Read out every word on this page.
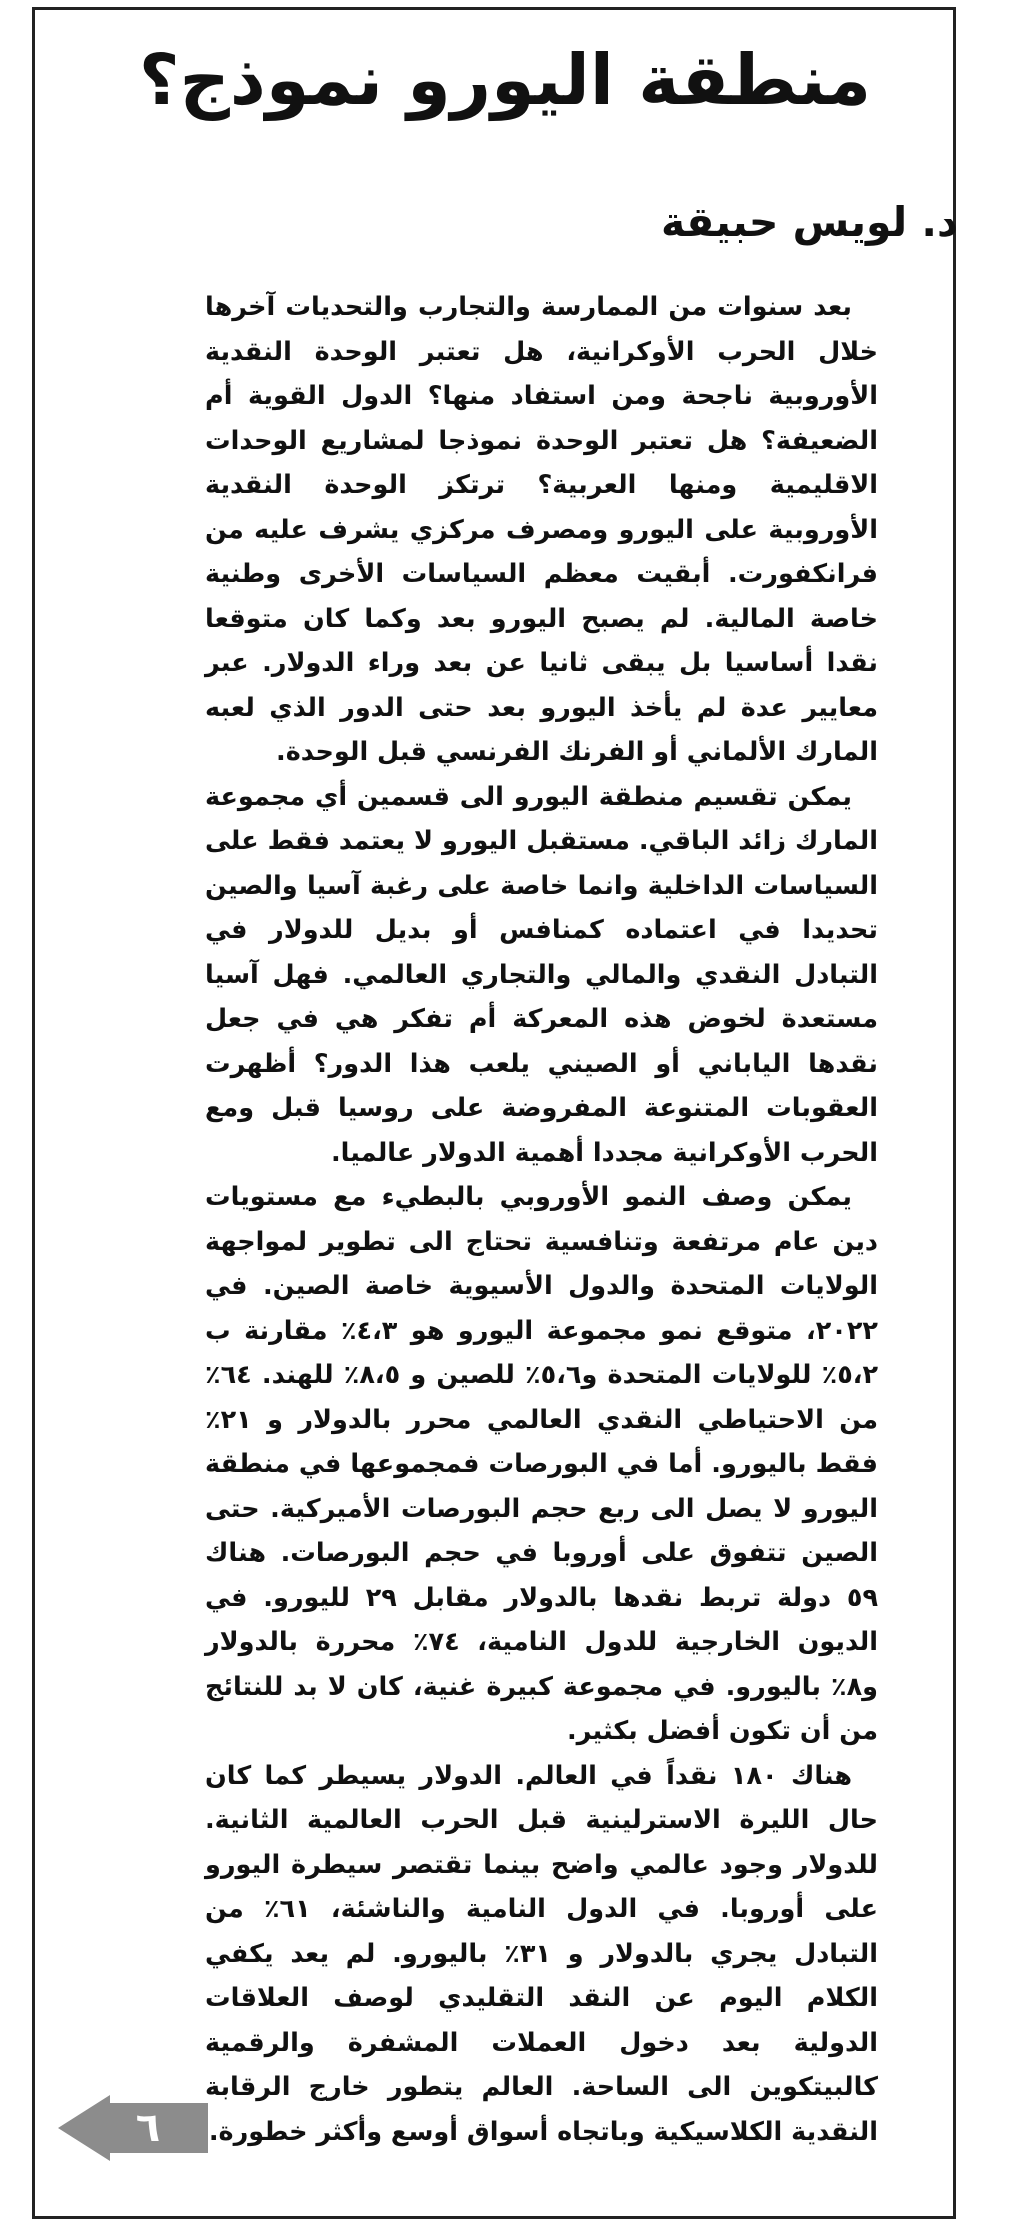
منطقة اليورو نموذج؟
د. لويس حبيقة

بعد سنوات من الممارسة والتجارب والتحديات آخرها خلال الحرب الأوكرانية، هل تعتبر الوحدة النقدية الأوروبية ناجحة ومن استفاد منها؟ الدول القوية أم الضعيفة؟ هل تعتبر الوحدة نموذجا لمشاريع الوحدات الاقليمية ومنها العربية؟ ترتكز الوحدة النقدية الأوروبية على اليورو ومصرف مركزي يشرف عليه من فرانكفورت. أبقيت معظم السياسات الأخرى وطنية خاصة المالية. لم يصبح اليورو بعد وكما كان متوقعا نقدا أساسيا بل يبقى ثانيا عن بعد وراء الدولار. عبر معايير عدة لم يأخذ اليورو بعد حتى الدور الذي لعبه المارك الألماني أو الفرنك الفرنسي قبل الوحدة.

يمكن تقسيم منطقة اليورو الى قسمين أي مجموعة المارك زائد الباقي. مستقبل اليورو لا يعتمد فقط على السياسات الداخلية وانما خاصة على رغبة آسيا والصين تحديدا في اعتماده كمنافس أو بديل للدولار في التبادل النقدي والمالي والتجاري العالمي. فهل آسيا مستعدة لخوض هذه المعركة أم تفكر هي في جعل نقدها الياباني أو الصيني يلعب هذا الدور؟ أظهرت العقوبات المتنوعة المفروضة على روسيا قبل ومع الحرب الأوكرانية مجددا أهمية الدولار عالميا.

يمكن وصف النمو الأوروبي بالبطيء مع مستويات دين عام مرتفعة وتنافسية تحتاج الى تطوير لمواجهة الولايات المتحدة والدول الأسيوية خاصة الصين. في ٢٠٢٢، متوقع نمو مجموعة اليورو هو ٤،٣٪ مقارنة ب ٥،٢٪ للولايات المتحدة و٥،٦٪ للصين و ٨،٥٪ للهند. ٦٤٪ من الاحتياطي النقدي العالمي محرر بالدولار و ٢١٪ فقط باليورو. أما في البورصات فمجموعها في منطقة اليورو لا يصل الى ربع حجم البورصات الأميركية. حتى الصين تتفوق على أوروبا في حجم البورصات. هناك ٥٩ دولة تربط نقدها بالدولار مقابل ٢٩ لليورو. في الديون الخارجية للدول النامية، ٧٤٪ محررة بالدولار و٨٪ باليورو. في مجموعة كبيرة غنية، كان لا بد للنتائج من أن تكون أفضل بكثير.

هناك ١٨٠ نقداً في العالم. الدولار يسيطر كما كان حال الليرة الاسترلينية قبل الحرب العالمية الثانية. للدولار وجود عالمي واضح بينما تقتصر سيطرة اليورو على أوروبا. في الدول النامية والناشئة، ٦١٪ من التبادل يجري بالدولار و ٣١٪ باليورو. لم يعد يكفي الكلام اليوم عن النقد التقليدي لوصف العلاقات الدولية بعد دخول العملات المشفرة والرقمية كالبيتكوين الى الساحة. العالم يتطور خارج الرقابة النقدية الكلاسيكية وباتجاه أسواق أوسع وأكثر خطورة.

٦
